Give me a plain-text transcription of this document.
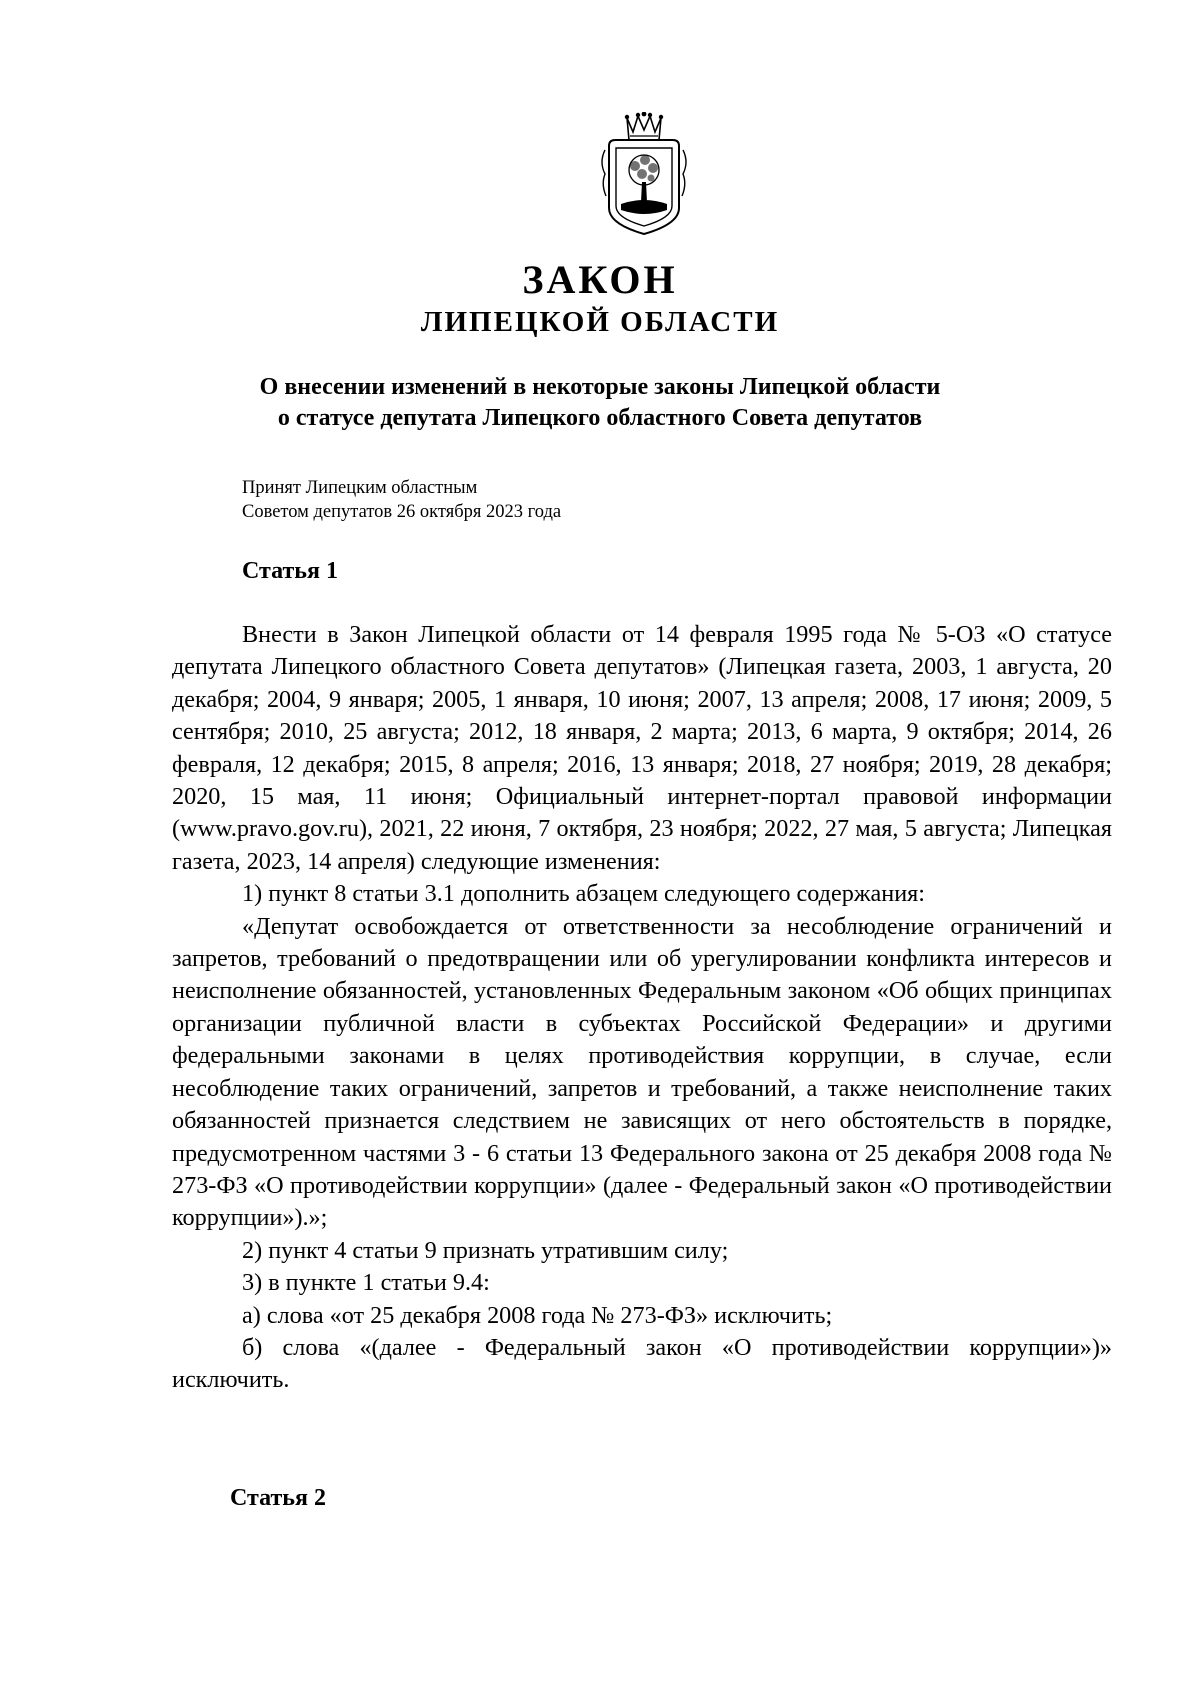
ЗАКОН
ЛИПЕЦКОЙ ОБЛАСТИ
О внесении изменений в некоторые законы Липецкой области
о статусе депутата Липецкого областного Совета депутатов
Принят Липецким областным
Советом депутатов 26 октября 2023 года
Статья 1

Внести в Закон Липецкой области от 14 февраля 1995 года № 5-ОЗ «О статусе депутата Липецкого областного Совета депутатов» (Липецкая газета, 2003, 1 августа, 20 декабря; 2004, 9 января; 2005, 1 января, 10 июня; 2007, 13 апреля; 2008, 17 июня; 2009, 5 сентября; 2010, 25 августа; 2012, 18 января, 2 марта; 2013, 6 марта, 9 октября; 2014, 26 февраля, 12 декабря; 2015, 8 апреля; 2016, 13 января; 2018, 27 ноября; 2019, 28 декабря; 2020, 15 мая, 11 июня; Официальный интернет-портал правовой информации (www.pravo.gov.ru), 2021, 22 июня, 7 октября, 23 ноября; 2022, 27 мая, 5 августа; Липецкая газета, 2023, 14 апреля) следующие изменения:

1) пункт 8 статьи 3.1 дополнить абзацем следующего содержания:

«Депутат освобождается от ответственности за несоблюдение ограничений и запретов, требований о предотвращении или об урегулировании конфликта интересов и неисполнение обязанностей, установленных Федеральным законом «Об общих принципах организации публичной власти в субъектах Российской Федерации» и другими федеральными законами в целях противодействия коррупции, в случае, если несоблюдение таких ограничений, запретов и требований, а также неисполнение таких обязанностей признается следствием не зависящих от него обстоятельств в порядке, предусмотренном частями 3 - 6 статьи 13 Федерального закона от 25 декабря 2008 года № 273-ФЗ «О противодействии коррупции» (далее - Федеральный закон «О противодействии коррупции»).»;

2) пункт 4 статьи 9 признать утратившим силу;

3) в пункте 1 статьи 9.4:

а) слова «от 25 декабря 2008 года № 273-ФЗ» исключить;

б) слова «(далее - Федеральный закон «О противодействии коррупции»)» исключить.

Статья 2
